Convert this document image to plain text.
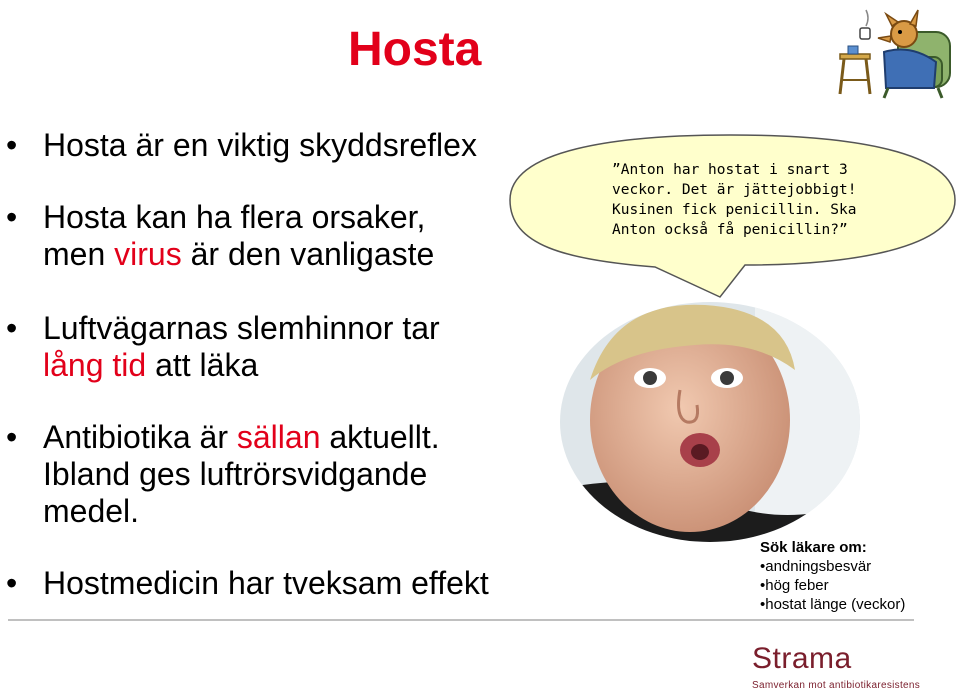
Hosta
• Hosta är en viktig skyddsreflex
• Hosta kan ha flera orsaker,
men virus är den vanligaste
• Luftvägarnas slemhinnor tar
lång tid att läka
• Antibiotika är sällan aktuellt.
Ibland ges luftrörsvidgande
medel.
• Hostmedicin har tveksam effekt
”Anton har hostat i snart 3
veckor. Det är jättejobbigt!
Kusinen fick penicillin. Ska
Anton också få penicillin?”
Sök läkare om:
•andningsbesvär
•hög feber
•hostat länge (veckor)
Strama
Samverkan mot antibiotikaresistens
